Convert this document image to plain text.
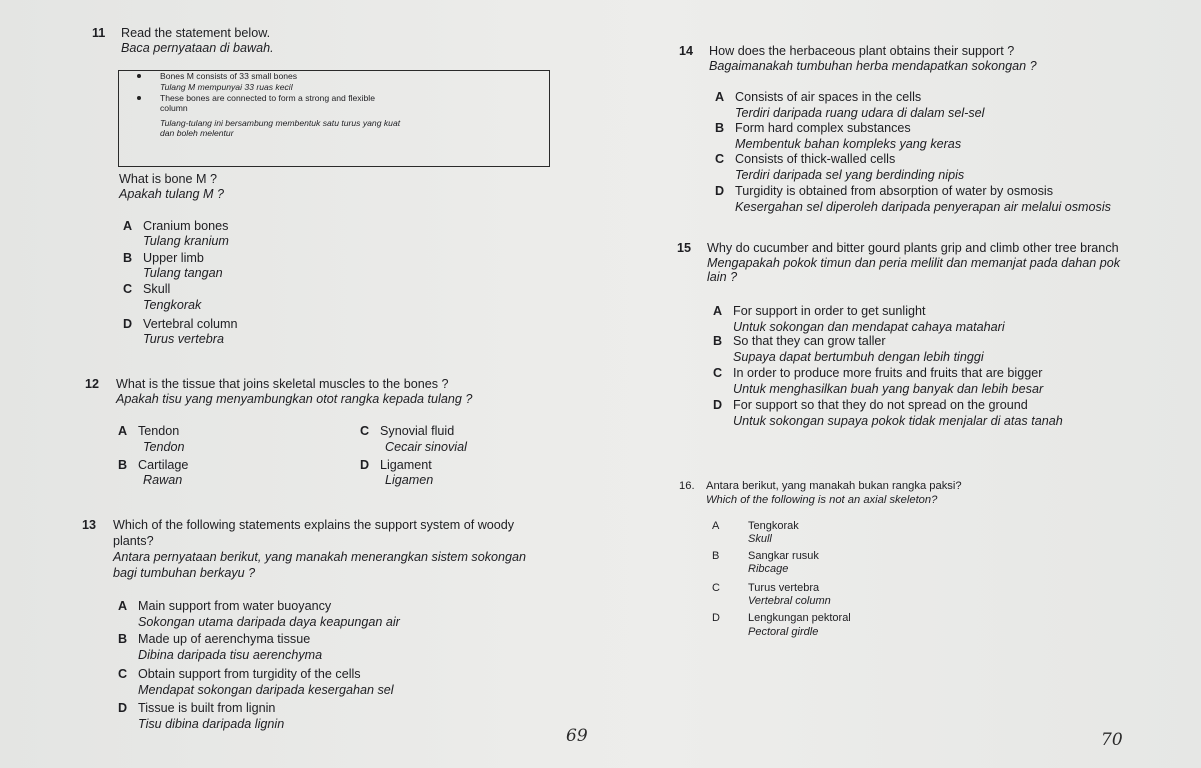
11 Read the statement below.
Baca pernyataan di bawah.
Bones M consists of 33 small bones
Tulang M mempunyai 33 ruas kecil
These bones are connected to form a strong and flexible
column
Tulang-tulang ini bersambung membentuk satu turus yang kuat
dan boleh melentur
What is bone M ?
Apakah tulang M ?
A Cranium bones
Tulang kranium
B Upper limb
Tulang tangan
C Skull
Tengkorak
D Vertebral column
Turus vertebra
12 What is the tissue that joins skeletal muscles to the bones ?
Apakah tisu yang menyambungkan otot rangka kepada tulang ?
A Tendon
Tendon
B Cartilage
Rawan
C Synovial fluid
Cecair sinovial
D Ligament
Ligamen
13 Which of the following statements explains the support system of woody
plants?
Antara pernyataan berikut, yang manakah menerangkan sistem sokongan
bagi tumbuhan berkayu ?
A Main support from water buoyancy
Sokongan utama daripada daya keapungan air
B Made up of aerenchyma tissue
Dibina daripada tisu aerenchyma
C Obtain support from turgidity of the cells
Mendapat sokongan daripada kesergahan sel
D Tissue is built from lignin
Tisu dibina daripada lignin
69
14 How does the herbaceous plant obtains their support ?
Bagaimanakah tumbuhan herba mendapatkan sokongan ?
A Consists of air spaces in the cells
Terdiri daripada ruang udara di dalam sel-sel
B Form hard complex substances
Membentuk bahan kompleks yang keras
C Consists of thick-walled cells
Terdiri daripada sel yang berdinding nipis
D Turgidity is obtained from absorption of water by osmosis
Kesergahan sel diperoleh daripada penyerapan air melalui osmosis
15 Why do cucumber and bitter gourd plants grip and climb other tree branch
Mengapakah pokok timun dan peria melilit dan memanjat pada dahan pok
lain ?
A For support in order to get sunlight
Untuk sokongan dan mendapat cahaya matahari
B So that they can grow taller
Supaya dapat bertumbuh dengan lebih tinggi
C In order to produce more fruits and fruits that are bigger
Untuk menghasilkan buah yang banyak dan lebih besar
D For support so that they do not spread on the ground
Untuk sokongan supaya pokok tidak menjalar di atas tanah
16. Antara berikut, yang manakah bukan rangka paksi?
Which of the following is not an axial skeleton?
A	Tengkorak
Skull
B	Sangkar rusuk
Ribcage
C	Turus vertebra
Vertebral column
D	Lengkungan pektoral
Pectoral girdle
70
